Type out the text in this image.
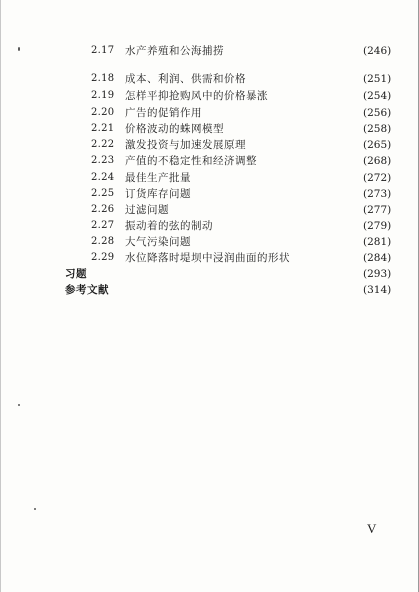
2.17	水产养殖和公海捕捞	(246)
2.18	成本、利润、供需和价格	(251)
2.19	怎样平抑抢购风中的价格暴涨	(254)
2.20	广告的促销作用	(256)
2.21	价格波动的蛛网模型	(258)
2.22	激发投资与加速发展原理	(265)
2.23	产值的不稳定性和经济调整	(268)
2.24	最佳生产批量	(272)
2.25	订货库存问题	(273)
2.26	过滤问题	(277)
2.27	振动着的弦的制动	(279)
2.28	大气污染问题	(281)
2.29	水位降落时堤坝中浸润曲面的形状	(284)
习题	(293)
参考文献	(314)
V
